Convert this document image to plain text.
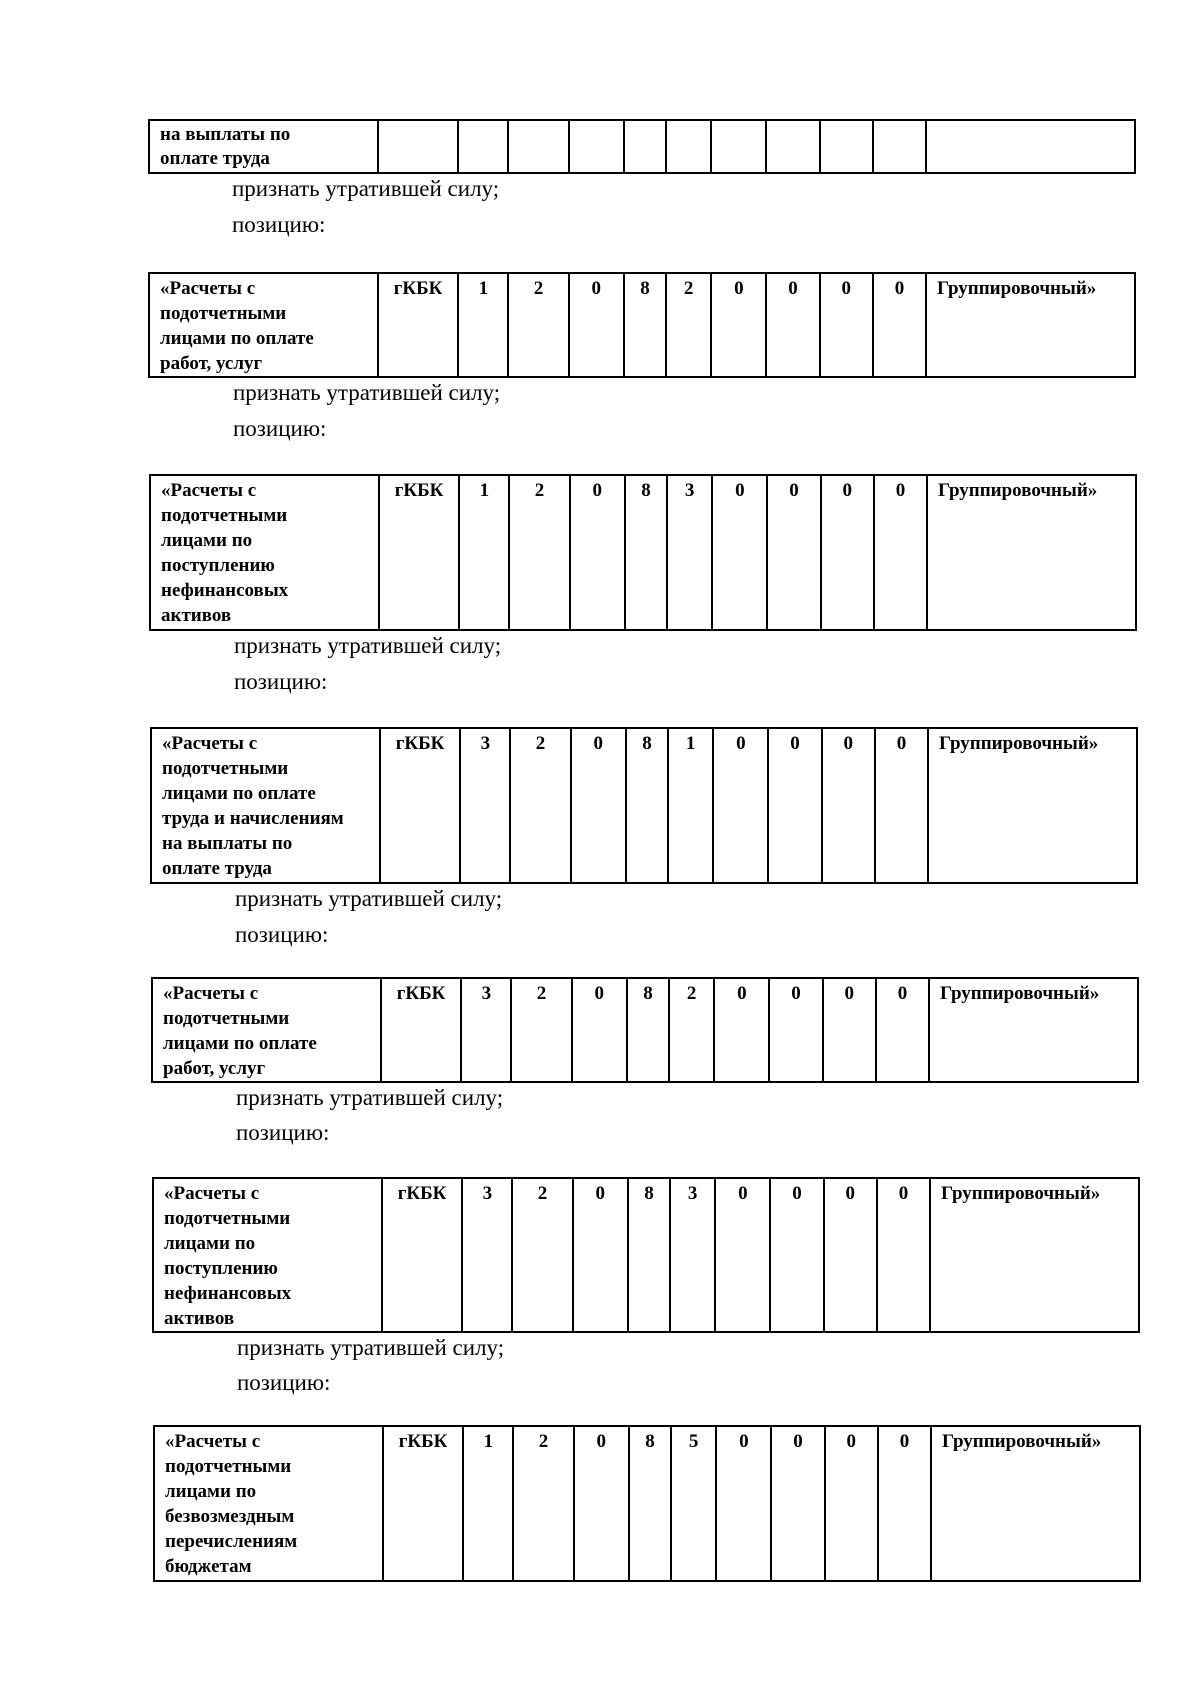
на выплаты по
оплате труда											
признать утратившей силу;
позицию:
«Расчеты с
подотчетными
лицами по оплате
работ, услуг	гКБК	1	2	0	8	2	0	0	0	0	Группировочный»
признать утратившей силу;
позицию:
«Расчеты с
подотчетными
лицами по
поступлению
нефинансовых
активов	гКБК	1	2	0	8	3	0	0	0	0	Группировочный»
признать утратившей силу;
позицию:
«Расчеты с
подотчетными
лицами по оплате
труда и начислениям
на выплаты по
оплате труда	гКБК	3	2	0	8	1	0	0	0	0	Группировочный»
признать утратившей силу;
позицию:
«Расчеты с
подотчетными
лицами по оплате
работ, услуг	гКБК	3	2	0	8	2	0	0	0	0	Группировочный»
признать утратившей силу;
позицию:
«Расчеты с
подотчетными
лицами по
поступлению
нефинансовых
активов	гКБК	3	2	0	8	3	0	0	0	0	Группировочный»
признать утратившей силу;
позицию:
«Расчеты с
подотчетными
лицами по
безвозмездным
перечислениям
бюджетам	гКБК	1	2	0	8	5	0	0	0	0	Группировочный»
